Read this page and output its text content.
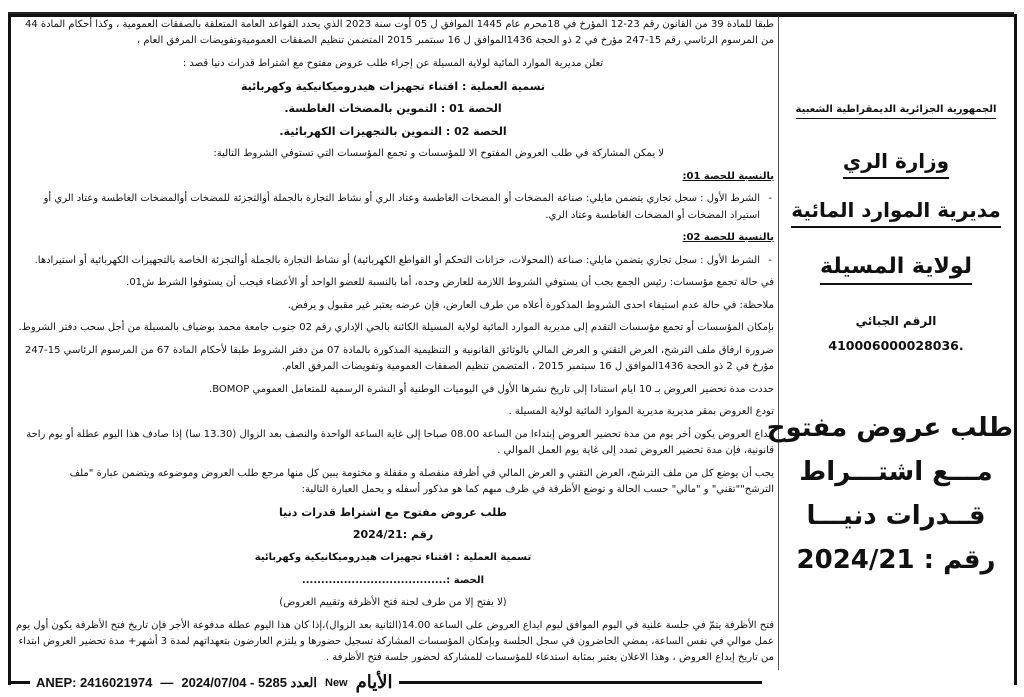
الجمهورية الجزائرية الديمقراطية الشعبية
وزارة الري
مديرية الموارد المائية
لولاية المسيلة
الرقم الجبائي
410006000028036.
طلب عروض مفتوح
مـــع اشتـــراط
قــدرات دنيـــا
رقم : 2024/21

طبقا للمادة 39 من القانون رقم 23-12 المؤرخ في 18محرم عام 1445 الموافق ل 05 أوت سنة 2023 الذي يحدد القواعد العامة المتعلقة بالصفقات العمومية ، وكذا أحكام المادة 44 من المرسوم الرئاسي رقم 15-247 مؤرخ في 2 ذو الحجة 1436الموافق ل 16 سبتمبر 2015 المتضمن تنظيم الصفقات العموميةوتفويضات المرفق العام ،

تعلن مديرية الموارد المائية لولاية المسيلة عن إجراء طلب عروض مفتوح مع اشتراط قدرات دنيا قصد :

تسمية العملية : اقتناء تجهيزات هيدروميكانيكية وكهربائية

الحصة 01 : التموين بالمضخات الغاطسة.

الحصة 02 : التموين بالتجهيزات الكهربائية.

لا يمكن المشاركة في طلب العروض المفتوح الا للمؤسسات و تجمع المؤسسات التي تستوفي الشروط التالية:

بالنسبة للحصة 01:

- الشرط الأول : سجل تجاري يتضمن مايلي: صناعة المضخات أو المضخات الغاطسة وعتاد الري أو نشاط التجارة بالجملة أوالتجزئة للمضخات أوالمضخات الغاطسة وعتاد الري أو استيراد المضخات أو المضخات الغاطسة وعتاد الري.

بالنسبة للحصة 02:

- الشرط الأول : سجل تجاري يتضمن مايلي: صناعة (المحولات، خزانات التحكم أو القواطع الكهربائية) أو نشاط التجارة بالجملة أوالتجزئة الخاصة بالتجهيزات الكهربائية أو استيرادها.

في حالة تجمع مؤسسات: رئيس الجمع يجب أن يستوفي الشروط اللازمة للعارض وحده، أما بالنسبة للعضو الواحد أو الأعضاء فيجب أن يستوفوا الشرط ش01.

ملاحظة: في حالة عدم استيفاء احدى الشروط المذكورة أعلاه من طرف العارض، فإن عرضه يعتبر غير مقبول و يرفض.

بإمكان المؤسسات أو تجمع مؤسسات التقدم إلى مديرية الموارد المائية لولاية المسيلة الكائنة بالحي الإداري رقم 02 جنوب جامعة محمد بوضياف بالمسيلة من أجل سحب دفتر الشروط.

ضرورة ارفاق ملف الترشح، العرض التقني و العرض المالي بالوثائق القانونية و التنظيمية المذكورة بالمادة 07 من دفتر الشروط طبقا لأحكام المادة 67 من المرسوم الرئاسي 15-247 مؤرخ في 2 ذو الحجة 1436الموافق ل 16 سبتمبر 2015 ، المتضمن تنظيم الصفقات العمومية وتفويضات المرفق العام.

حددت مدة تحضير العروض بـ 10 ايام استنادا إلى تاريخ نشرها الأول في اليوميات الوطنية أو النشرة الرسمية للمتعامل العمومي BOMOP.

تودع العروض بمقر مديرية مديرية الموارد المائية لولاية المسيلة .

إيداع العروض يكون أخر يوم من مدة تحضير العروض إبتداءا من الساعة 08.00 صباحا إلى غاية الساعة الواحدة والنصف بعد الزوال (13.30 سا) إذا صادف هذا اليوم عطلة أو يوم راحة قانونية، فإن مدة تحضير العروض تمدد إلى غاية يوم العمل الموالي .

يجب أن يوضع كل من ملف الترشح، العرض التقني و العرض المالي في أظرفة منفصلة و مقفلة و مختومة يبين كل منها مرجع طلب العروض وموضوعه ويتضمن عبارة "ملف الترشح""تقني" و "مالي" حسب الحالة و توضع الأظرفة في ظرف مبهم كما هو مذكور أسفله و يحمل العبارة التالية:

طلب عروض مفتوح مع اشتراط قدرات دنيا

رقم :2024/21

تسمية العملية : اقتناء تجهيزات هيدروميكانيكية وكهربائية

الحصة :......................................

(لا يفتح إلا من طرف لجنة فتح الأظرفة وتقييم العروض)

فتح الأظرفة يتمّ في جلسة علنية في اليوم الموافق ليوم ايداع العروض على الساعة 14.00(الثانية بعد الزوال)،إذا كان هذا اليوم عطلة مدفوعة الأجر فإن تاريخ فتح الأظرفة يكون أول يوم عمل موالي في نفس الساعة، يمضي الحاضرون في سجل الجلسة وبإمكان المؤسسات المشاركة تسجيل حضورها و يلتزم العارضون بتعهداتهم لمدة 3 أشهر+ مدة تحضير العروض ابتداء من تاريخ إيداع العروض ، وهذا الاعلان يعتبر بمثابة استدعاء للمؤسسات للمشاركة لحضور جلسة فتح الأظرفة .

ANEP: 2416021974 — العدد 5285 - 2024/07/04 New الأيام
